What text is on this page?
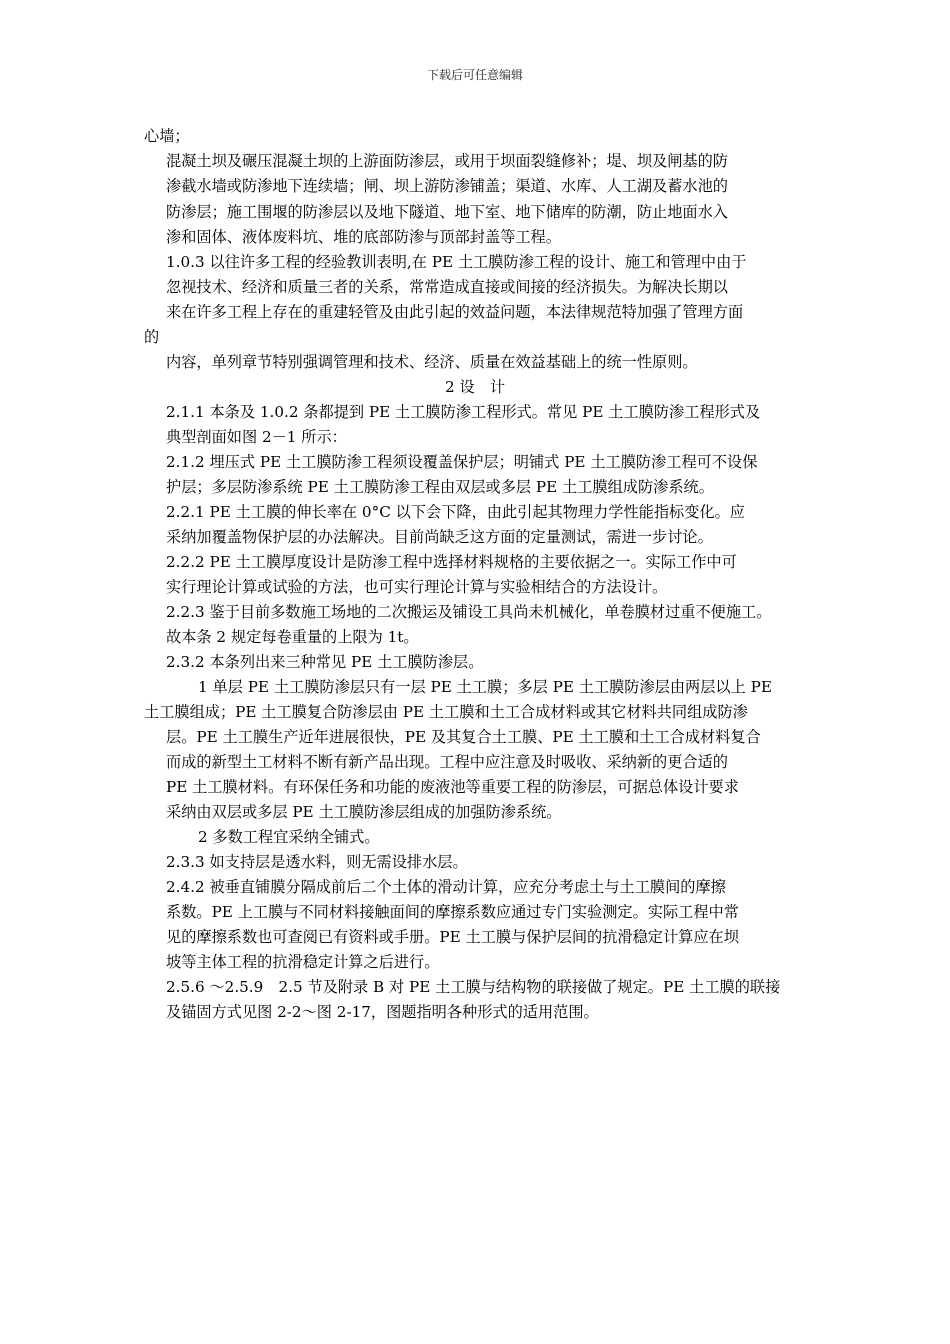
下载后可任意编辑
心墙；
混凝土坝及碾压混凝土坝的上游面防渗层，或用于坝面裂缝修补；堤、坝及闸基的防
渗截水墙或防渗地下连续墙；闸、坝上游防渗铺盖；渠道、水库、人工湖及蓄水池的
防渗层；施工围堰的防渗层以及地下隧道、地下室、地下储库的防潮，防止地面水入
渗和固体、液体废料坑、堆的底部防渗与顶部封盖等工程。
1.0.3 以往许多工程的经验教训表明,在 PE 土工膜防渗工程的设计、施工和管理中由于
忽视技术、经济和质量三者的关系，常常造成直接或间接的经济损失。为解决长期以
来在许多工程上存在的重建轻管及由此引起的效益问题，本法律规范特加强了管理方面
的
内容，单列章节特别强调管理和技术、经济、质量在效益基础上的统一性原则。
2 设　计
2.1.1 本条及 1.0.2 条都提到 PE 土工膜防渗工程形式。常见 PE 土工膜防渗工程形式及
典型剖面如图 2－1 所示：
2.1.2 埋压式 PE 土工膜防渗工程须设覆盖保护层；明铺式 PE 土工膜防渗工程可不设保
护层；多层防渗系统 PE 土工膜防渗工程由双层或多层 PE 土工膜组成防渗系统。
2.2.1 PE 土工膜的伸长率在 0°C 以下会下降，由此引起其物理力学性能指标变化。应
采纳加覆盖物保护层的办法解决。目前尚缺乏这方面的定量测试，需进一步讨论。
2.2.2 PE 土工膜厚度设计是防渗工程中选择材料规格的主要依据之一。实际工作中可
实行理论计算或试验的方法，也可实行理论计算与实验相结合的方法设计。
2.2.3 鉴于目前多数施工场地的二次搬运及铺设工具尚未机械化，单卷膜材过重不便施工。
故本条 2 规定每卷重量的上限为 1t。
2.3.2 本条列出来三种常见 PE 土工膜防渗层。
1 单层 PE 土工膜防渗层只有一层 PE 土工膜；多层 PE 土工膜防渗层由两层以上 PE
土工膜组成；PE 土工膜复合防渗层由 PE 土工膜和土工合成材料或其它材料共同组成防渗
层。PE 土工膜生产近年进展很快，PE 及其复合土工膜、PE 土工膜和土工合成材料复合
而成的新型土工材料不断有新产品出现。工程中应注意及时吸收、采纳新的更合适的
PE 土工膜材料。有环保任务和功能的废液池等重要工程的防渗层，可据总体设计要求
采纳由双层或多层 PE 土工膜防渗层组成的加强防渗系统。
2 多数工程宜采纳全铺式。
2.3.3 如支持层是透水料，则无需设排水层。
2.4.2 被垂直铺膜分隔成前后二个土体的滑动计算，应充分考虑土与土工膜间的摩擦
系数。PE 上工膜与不同材料接触面间的摩擦系数应通过专门实验测定。实际工程中常
见的摩擦系数也可查阅已有资料或手册。PE 土工膜与保护层间的抗滑稳定计算应在坝
坡等主体工程的抗滑稳定计算之后进行。
2.5.6 ～2.5.9　2.5 节及附录 B 对 PE 土工膜与结构物的联接做了规定。PE 土工膜的联接
及锚固方式见图 2-2～图 2-17，图题指明各种形式的适用范围。
